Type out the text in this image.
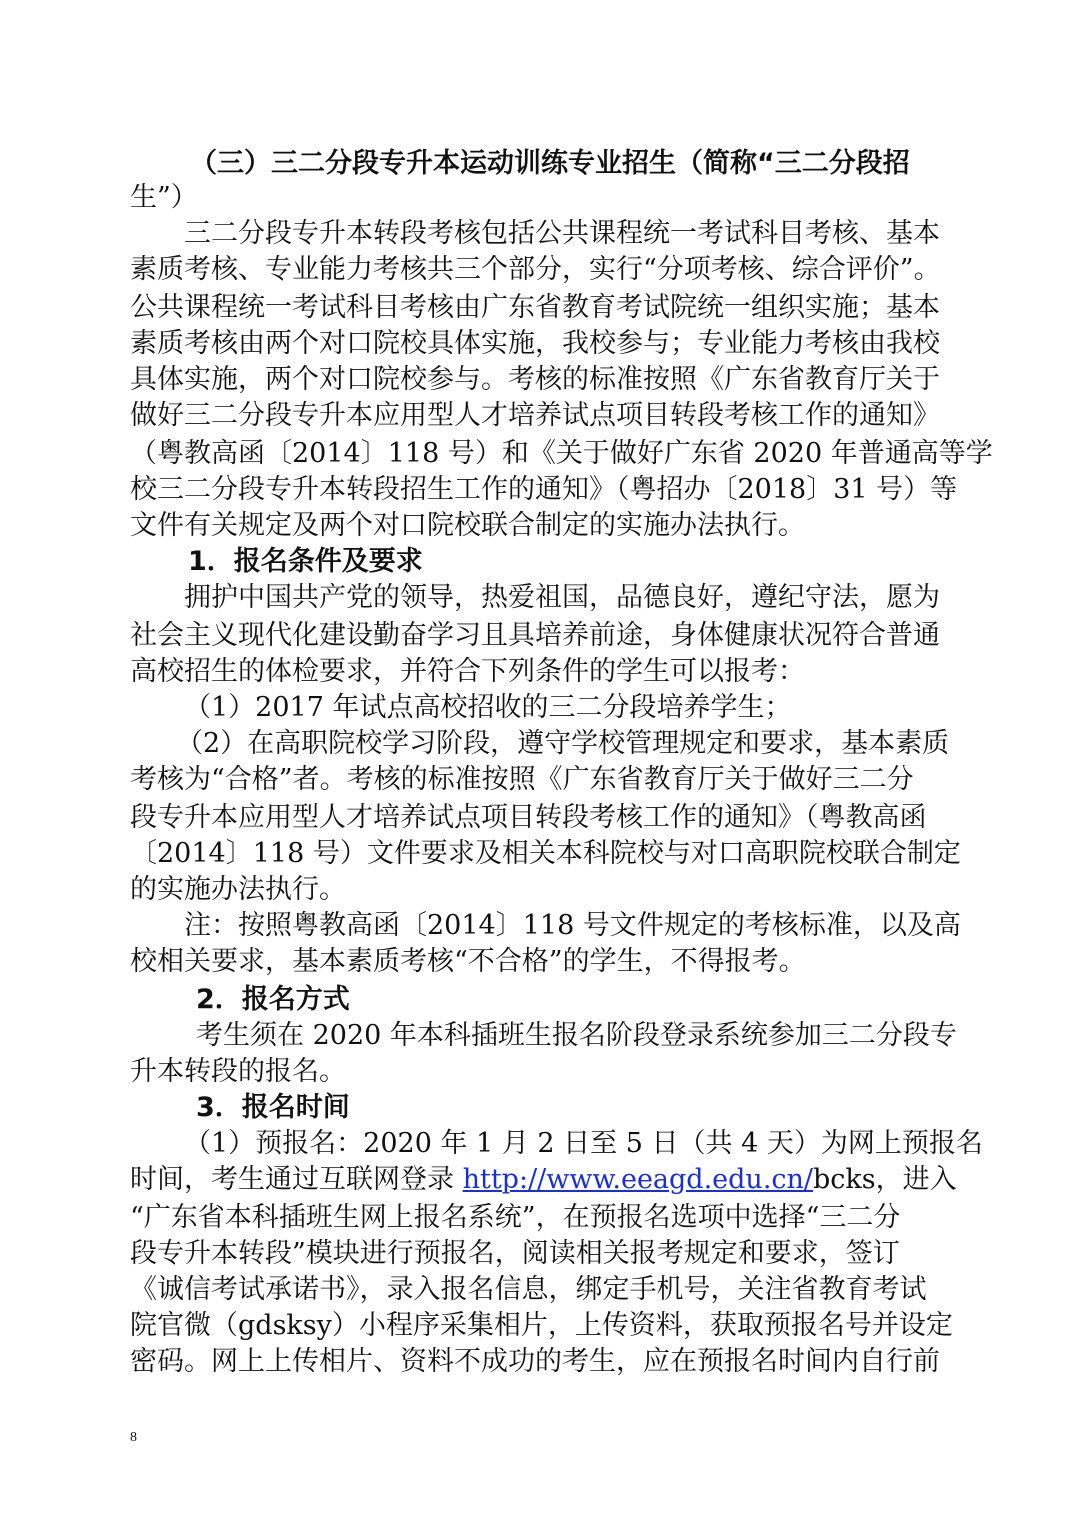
（三）三二分段专升本运动训练专业招生（简称“三二分段招
生”）
三二分段专升本转段考核包括公共课程统一考试科目考核、基本
素质考核、专业能力考核共三个部分，实行“分项考核、综合评价”。
公共课程统一考试科目考核由广东省教育考试院统一组织实施；基本
素质考核由两个对口院校具体实施，我校参与；专业能力考核由我校
具体实施，两个对口院校参与。考核的标准按照《广东省教育厅关于
做好三二分段专升本应用型人才培养试点项目转段考核工作的通知》
（粤教高函〔2014〕118 号）和《关于做好广东省 2020 年普通高等学
校三二分段专升本转段招生工作的通知》（粤招办〔2018〕31 号）等
文件有关规定及两个对口院校联合制定的实施办法执行。
1．报名条件及要求
拥护中国共产党的领导，热爱祖国，品德良好，遵纪守法，愿为
社会主义现代化建设勤奋学习且具培养前途，身体健康状况符合普通
高校招生的体检要求，并符合下列条件的学生可以报考：
（1）2017 年试点高校招收的三二分段培养学生；
（2）在高职院校学习阶段，遵守学校管理规定和要求，基本素质
考核为“合格”者。考核的标准按照《广东省教育厅关于做好三二分
段专升本应用型人才培养试点项目转段考核工作的通知》（粤教高函
〔2014〕118 号）文件要求及相关本科院校与对口高职院校联合制定
的实施办法执行。
注：按照粤教高函〔2014〕118 号文件规定的考核标准，以及高
校相关要求，基本素质考核“不合格”的学生，不得报考。
2．报名方式
考生须在 2020 年本科插班生报名阶段登录系统参加三二分段专
升本转段的报名。
3．报名时间
（1）预报名：2020 年 1 月 2 日至 5 日（共 4 天）为网上预报名
时间，考生通过互联网登录 http://www.eeagd.edu.cn/bcks，进入
“广东省本科插班生网上报名系统”，在预报名选项中选择“三二分
段专升本转段”模块进行预报名，阅读相关报考规定和要求，签订
《诚信考试承诺书》，录入报名信息，绑定手机号，关注省教育考试
院官微（gdsksy）小程序采集相片，上传资料，获取预报名号并设定
密码。网上上传相片、资料不成功的考生，应在预报名时间内自行前
8
